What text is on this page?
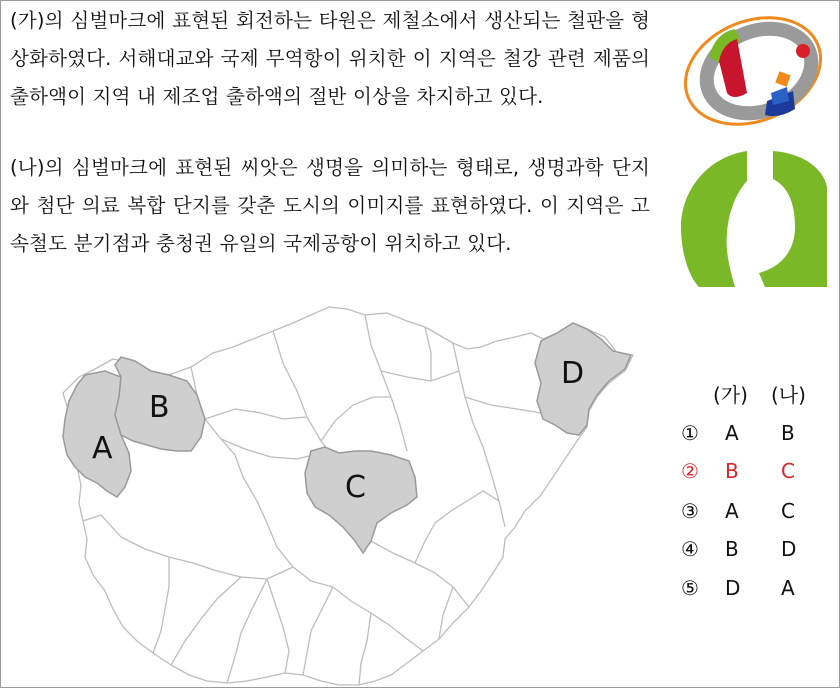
(가)의 심벌마크에 표현된 회전하는 타원은 제철소에서 생산되는 철판을 형상화하였다. 서해대교와 국제 무역항이 위치한 이 지역은 철강 관련 제품의 출하액이 지역 내 제조업 출하액의 절반 이상을 차지하고 있다.
(나)의 심벌마크에 표현된 씨앗은 생명을 의미하는 형태로, 생명과학 단지와 첨단 의료 복합 단지를 갖춘 도시의 이미지를 표현하였다. 이 지역은 고속철도 분기점과 충청권 유일의 국제공항이 위치하고 있다.
A
B
C
D
(가) (나)
① A B
② B C
③ A C
④ B D
⑤ D A
